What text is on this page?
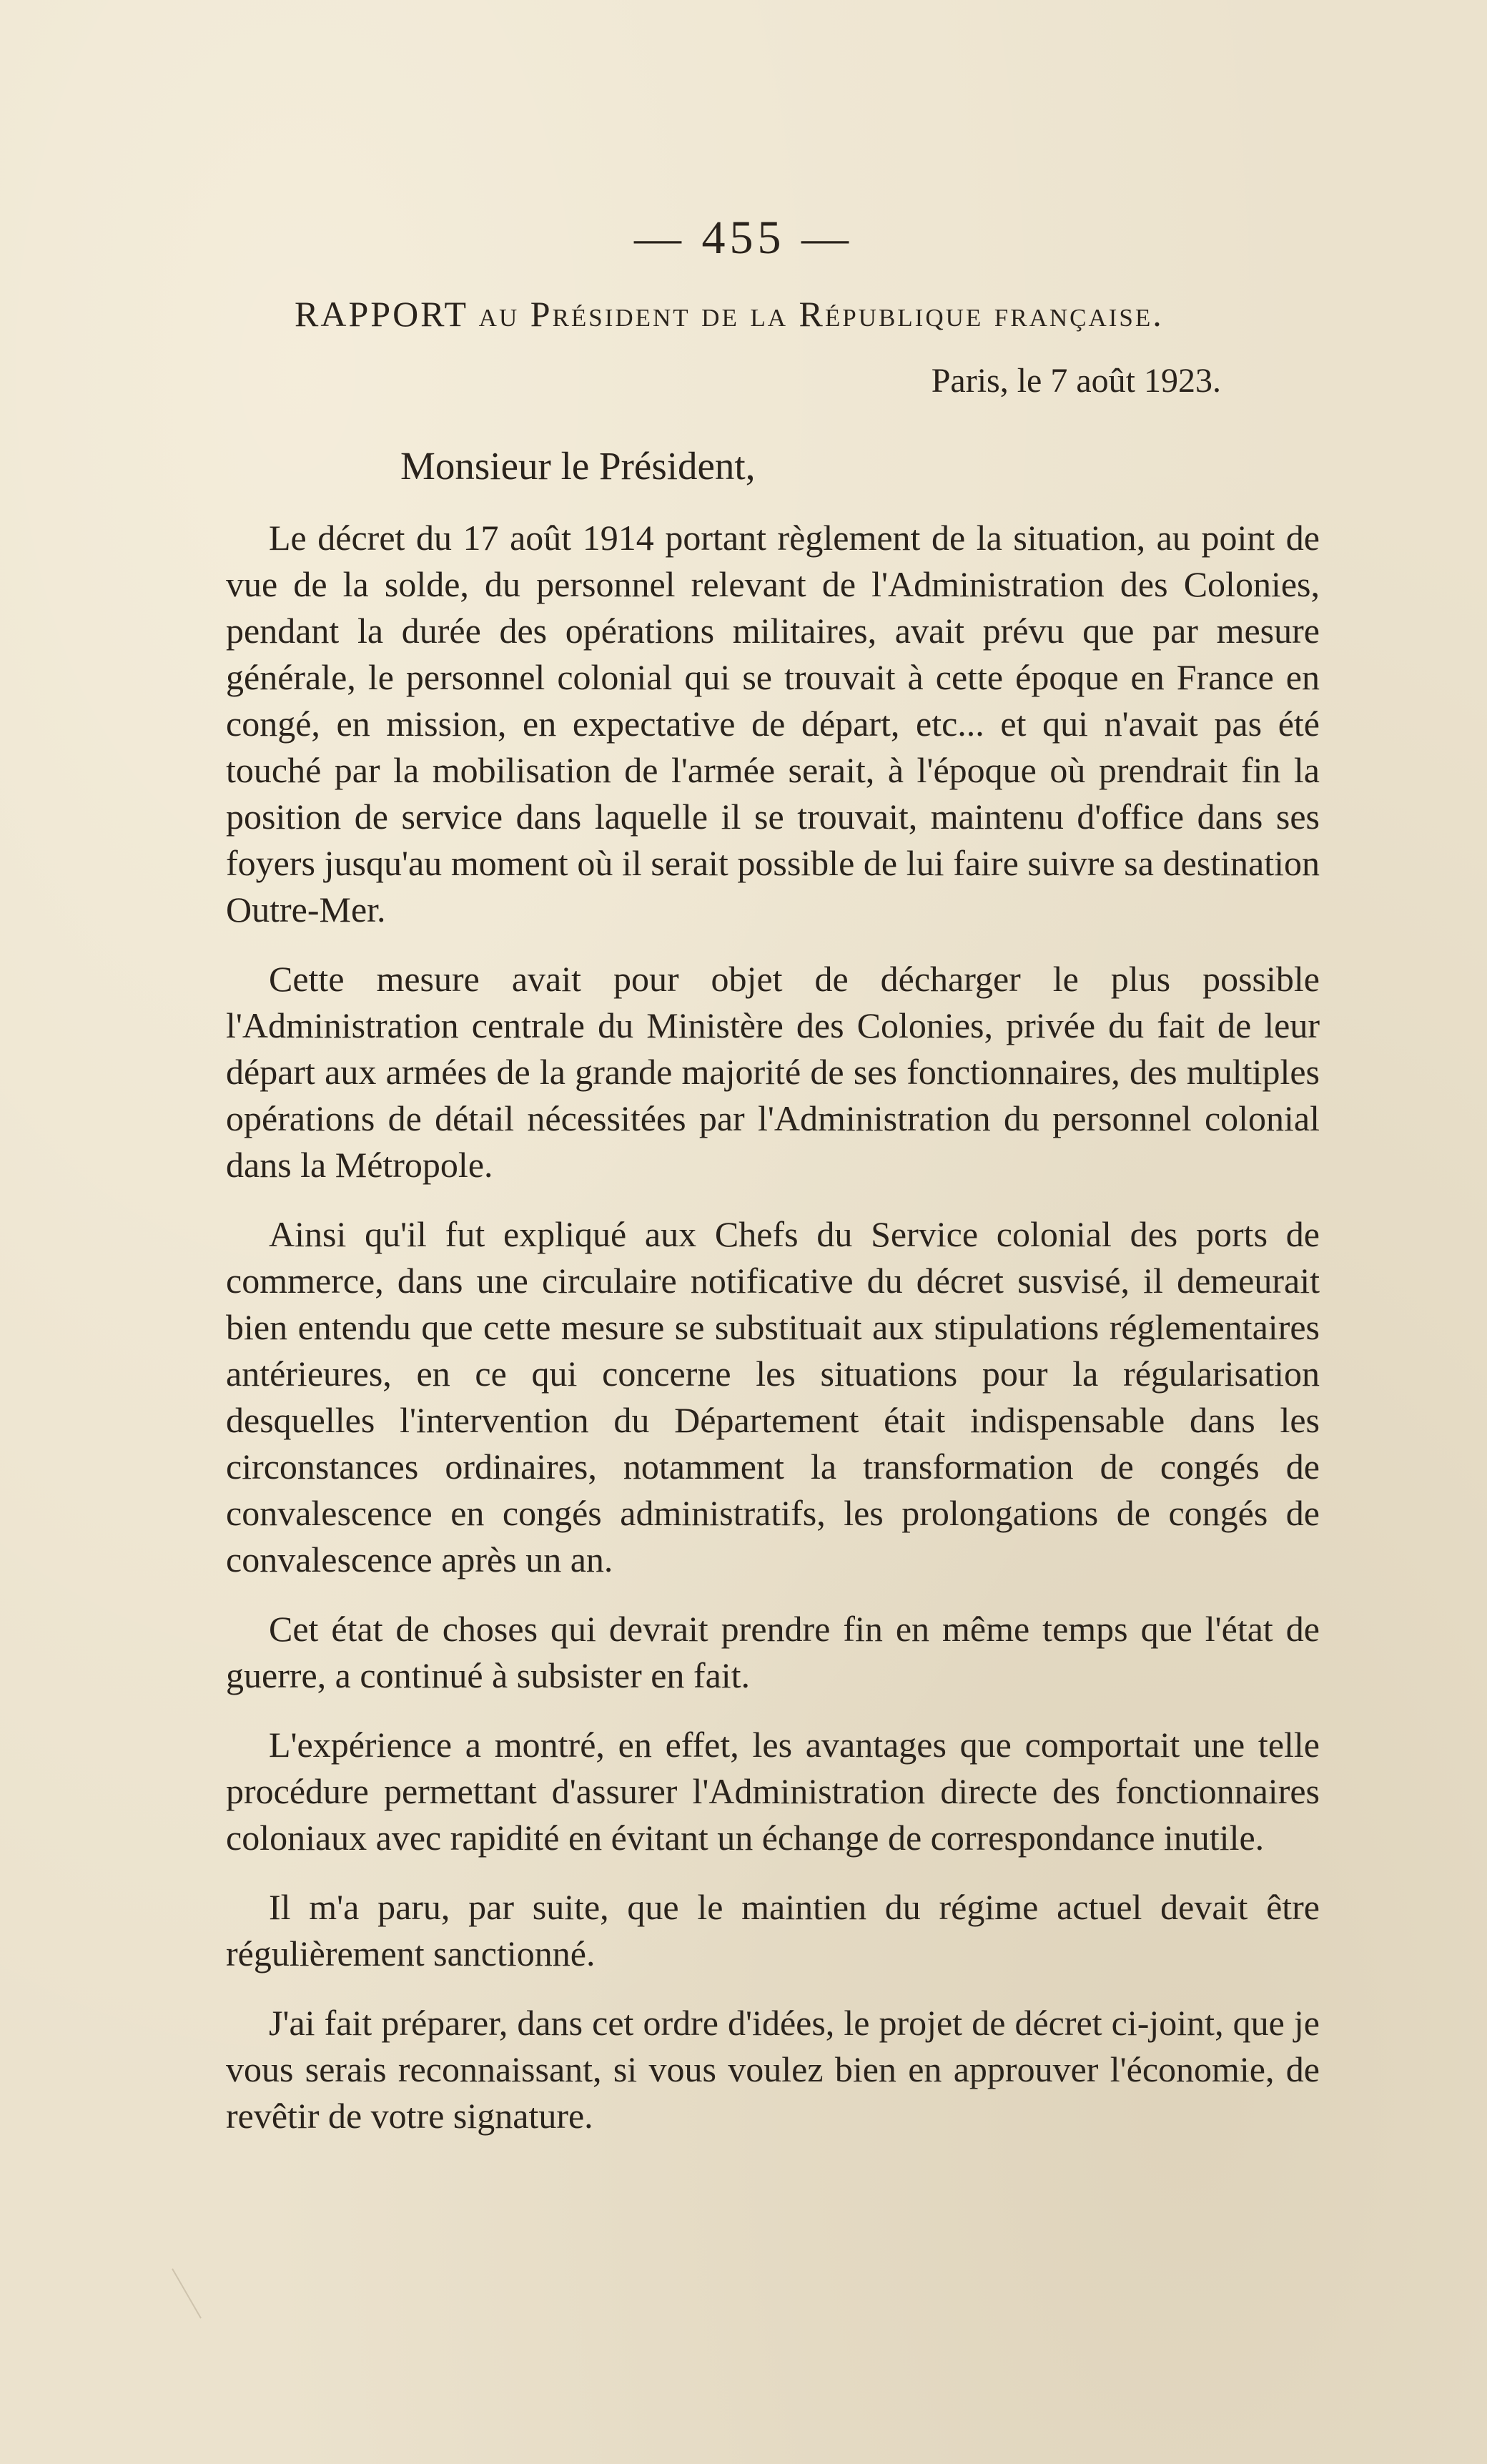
— 455 —
RAPPORT au Président de la République française.
Paris, le 7 août 1923.
Monsieur le Président,

Le décret du 17 août 1914 portant règlement de la situation, au point de vue de la solde, du personnel relevant de l'Administration des Colonies, pendant la durée des opérations militaires, avait prévu que par mesure générale, le personnel colonial qui se trouvait à cette époque en France en congé, en mission, en expectative de départ, etc... et qui n'avait pas été touché par la mobilisation de l'armée serait, à l'époque où prendrait fin la position de service dans laquelle il se trouvait, maintenu d'office dans ses foyers jusqu'au moment où il serait possible de lui faire suivre sa destination Outre-Mer.

Cette mesure avait pour objet de décharger le plus possible l'Administration centrale du Ministère des Colonies, privée du fait de leur départ aux armées de la grande majorité de ses fonctionnaires, des multiples opérations de détail nécessitées par l'Administration du personnel colonial dans la Métropole.

Ainsi qu'il fut expliqué aux Chefs du Service colonial des ports de commerce, dans une circulaire notificative du décret susvisé, il demeurait bien entendu que cette mesure se substituait aux stipulations réglementaires antérieures, en ce qui concerne les situations pour la régularisation desquelles l'intervention du Département était indispensable dans les circonstances ordinaires, notamment la transformation de congés de convalescence en congés administratifs, les prolongations de congés de convalescence après un an.

Cet état de choses qui devrait prendre fin en même temps que l'état de guerre, a continué à subsister en fait.

L'expérience a montré, en effet, les avantages que comportait une telle procédure permettant d'assurer l'Administration directe des fonctionnaires coloniaux avec rapidité en évitant un échange de correspondance inutile.

Il m'a paru, par suite, que le maintien du régime actuel devait être régulièrement sanctionné.

J'ai fait préparer, dans cet ordre d'idées, le projet de décret ci-joint, que je vous serais reconnaissant, si vous voulez bien en approuver l'économie, de revêtir de votre signature.
